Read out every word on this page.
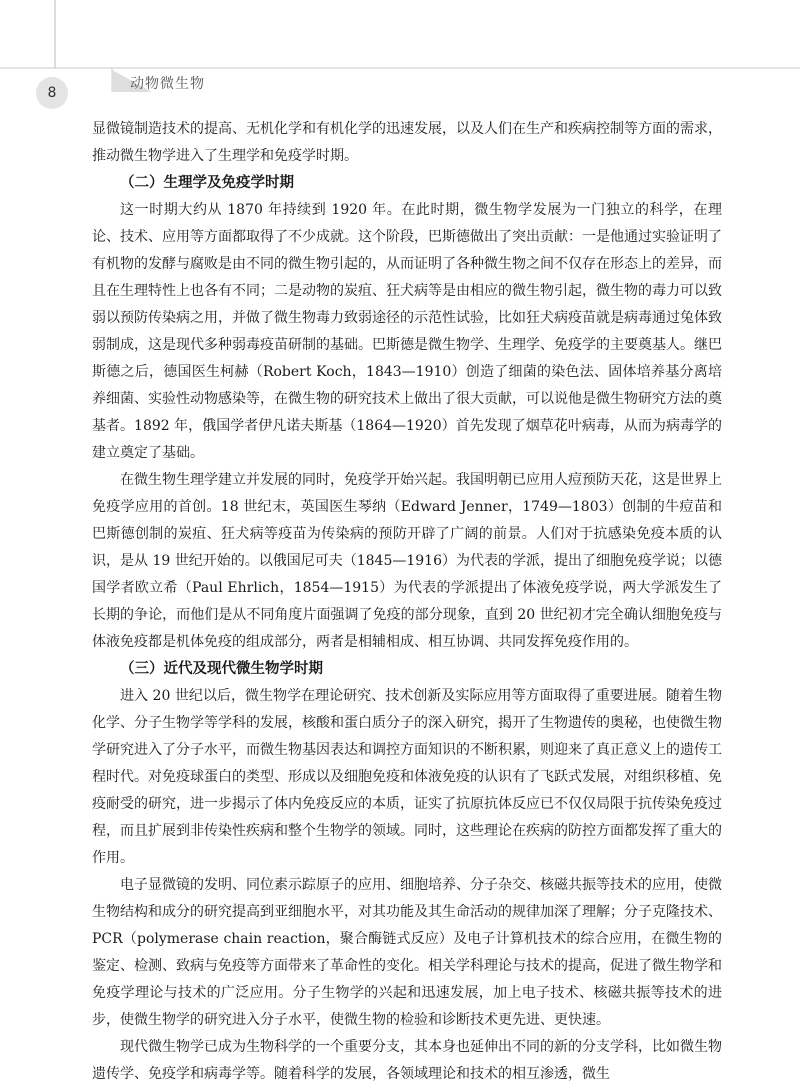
8
动物微生物

显微镜制造技术的提高、无机化学和有机化学的迅速发展，以及人们在生产和疾病控制等方面的需求，推动微生物学进入了生理学和免疫学时期。

（二）生理学及免疫学时期

这一时期大约从 1870 年持续到 1920 年。在此时期，微生物学发展为一门独立的科学，在理论、技术、应用等方面都取得了不少成就。这个阶段，巴斯德做出了突出贡献：一是他通过实验证明了有机物的发酵与腐败是由不同的微生物引起的，从而证明了各种微生物之间不仅存在形态上的差异，而且在生理特性上也各有不同；二是动物的炭疽、狂犬病等是由相应的微生物引起，微生物的毒力可以致弱以预防传染病之用，并做了微生物毒力致弱途径的示范性试验，比如狂犬病疫苗就是病毒通过兔体致弱制成，这是现代多种弱毒疫苗研制的基础。巴斯德是微生物学、生理学、免疫学的主要奠基人。继巴斯德之后，德国医生柯赫（Robert Koch，1843—1910）创造了细菌的染色法、固体培养基分离培养细菌、实验性动物感染等，在微生物的研究技术上做出了很大贡献，可以说他是微生物研究方法的奠基者。1892 年，俄国学者伊凡诺夫斯基（1864—1920）首先发现了烟草花叶病毒，从而为病毒学的建立奠定了基础。

在微生物生理学建立并发展的同时，免疫学开始兴起。我国明朝已应用人痘预防天花，这是世界上免疫学应用的首创。18 世纪末，英国医生琴纳（Edward Jenner，1749—1803）创制的牛痘苗和巴斯德创制的炭疽、狂犬病等疫苗为传染病的预防开辟了广阔的前景。人们对于抗感染免疫本质的认识，是从 19 世纪开始的。以俄国尼可夫（1845—1916）为代表的学派，提出了细胞免疫学说；以德国学者欧立希（Paul Ehrlich，1854—1915）为代表的学派提出了体液免疫学说，两大学派发生了长期的争论，而他们是从不同角度片面强调了免疫的部分现象，直到 20 世纪初才完全确认细胞免疫与体液免疫都是机体免疫的组成部分，两者是相辅相成、相互协调、共同发挥免疫作用的。

（三）近代及现代微生物学时期

进入 20 世纪以后，微生物学在理论研究、技术创新及实际应用等方面取得了重要进展。随着生物化学、分子生物学等学科的发展，核酸和蛋白质分子的深入研究，揭开了生物遗传的奥秘，也使微生物学研究进入了分子水平，而微生物基因表达和调控方面知识的不断积累，则迎来了真正意义上的遗传工程时代。对免疫球蛋白的类型、形成以及细胞免疫和体液免疫的认识有了飞跃式发展，对组织移植、免疫耐受的研究，进一步揭示了体内免疫反应的本质，证实了抗原抗体反应已不仅仅局限于抗传染免疫过程，而且扩展到非传染性疾病和整个生物学的领域。同时，这些理论在疾病的防控方面都发挥了重大的作用。

电子显微镜的发明、同位素示踪原子的应用、细胞培养、分子杂交、核磁共振等技术的应用，使微生物结构和成分的研究提高到亚细胞水平，对其功能及其生命活动的规律加深了理解；分子克隆技术、PCR（polymerase chain reaction，聚合酶链式反应）及电子计算机技术的综合应用，在微生物的鉴定、检测、致病与免疫等方面带来了革命性的变化。相关学科理论与技术的提高，促进了微生物学和免疫学理论与技术的广泛应用。分子生物学的兴起和迅速发展，加上电子技术、核磁共振等技术的进步，使微生物学的研究进入分子水平，使微生物的检验和诊断技术更先进、更快速。

现代微生物学已成为生物科学的一个重要分支，其本身也延伸出不同的新的分支学科，比如微生物遗传学、免疫学和病毒学等。随着科学的发展，各领域理论和技术的相互渗透，微生
